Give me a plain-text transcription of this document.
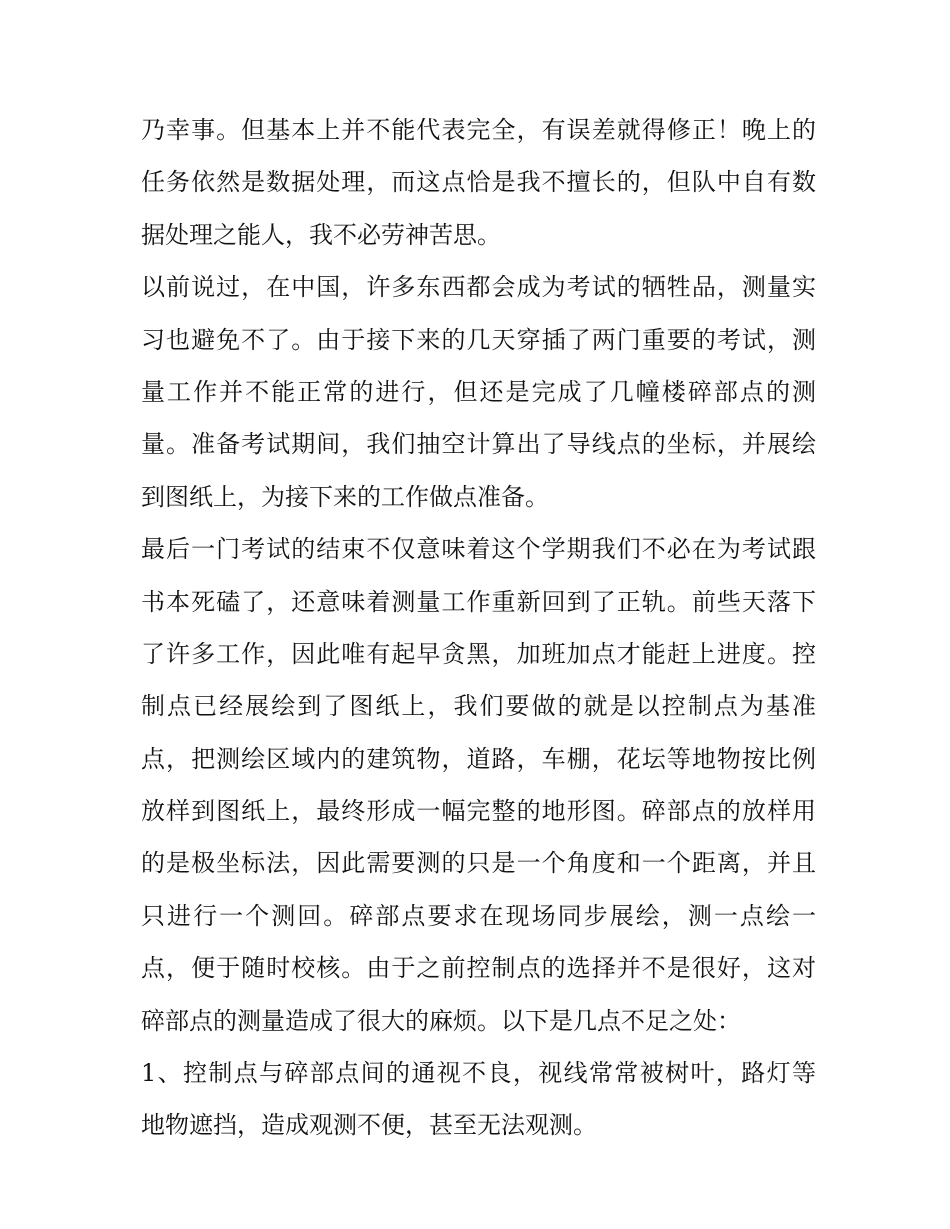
乃幸事。但基本上并不能代表完全，有误差就得修正！晚上的
任务依然是数据处理，而这点恰是我不擅长的，但队中自有数
据处理之能人，我不必劳神苦思。
以前说过，在中国，许多东西都会成为考试的牺牲品，测量实
习也避免不了。由于接下来的几天穿插了两门重要的考试，测
量工作并不能正常的进行，但还是完成了几幢楼碎部点的测
量。准备考试期间，我们抽空计算出了导线点的坐标，并展绘
到图纸上，为接下来的工作做点准备。
最后一门考试的结束不仅意味着这个学期我们不必在为考试跟
书本死磕了，还意味着测量工作重新回到了正轨。前些天落下
了许多工作，因此唯有起早贪黑，加班加点才能赶上进度。控
制点已经展绘到了图纸上，我们要做的就是以控制点为基准
点，把测绘区域内的建筑物，道路，车棚，花坛等地物按比例
放样到图纸上，最终形成一幅完整的地形图。碎部点的放样用
的是极坐标法，因此需要测的只是一个角度和一个距离，并且
只进行一个测回。碎部点要求在现场同步展绘，测一点绘一
点，便于随时校核。由于之前控制点的选择并不是很好，这对
碎部点的测量造成了很大的麻烦。以下是几点不足之处：
1、控制点与碎部点间的通视不良，视线常常被树叶，路灯等
地物遮挡，造成观测不便，甚至无法观测。
